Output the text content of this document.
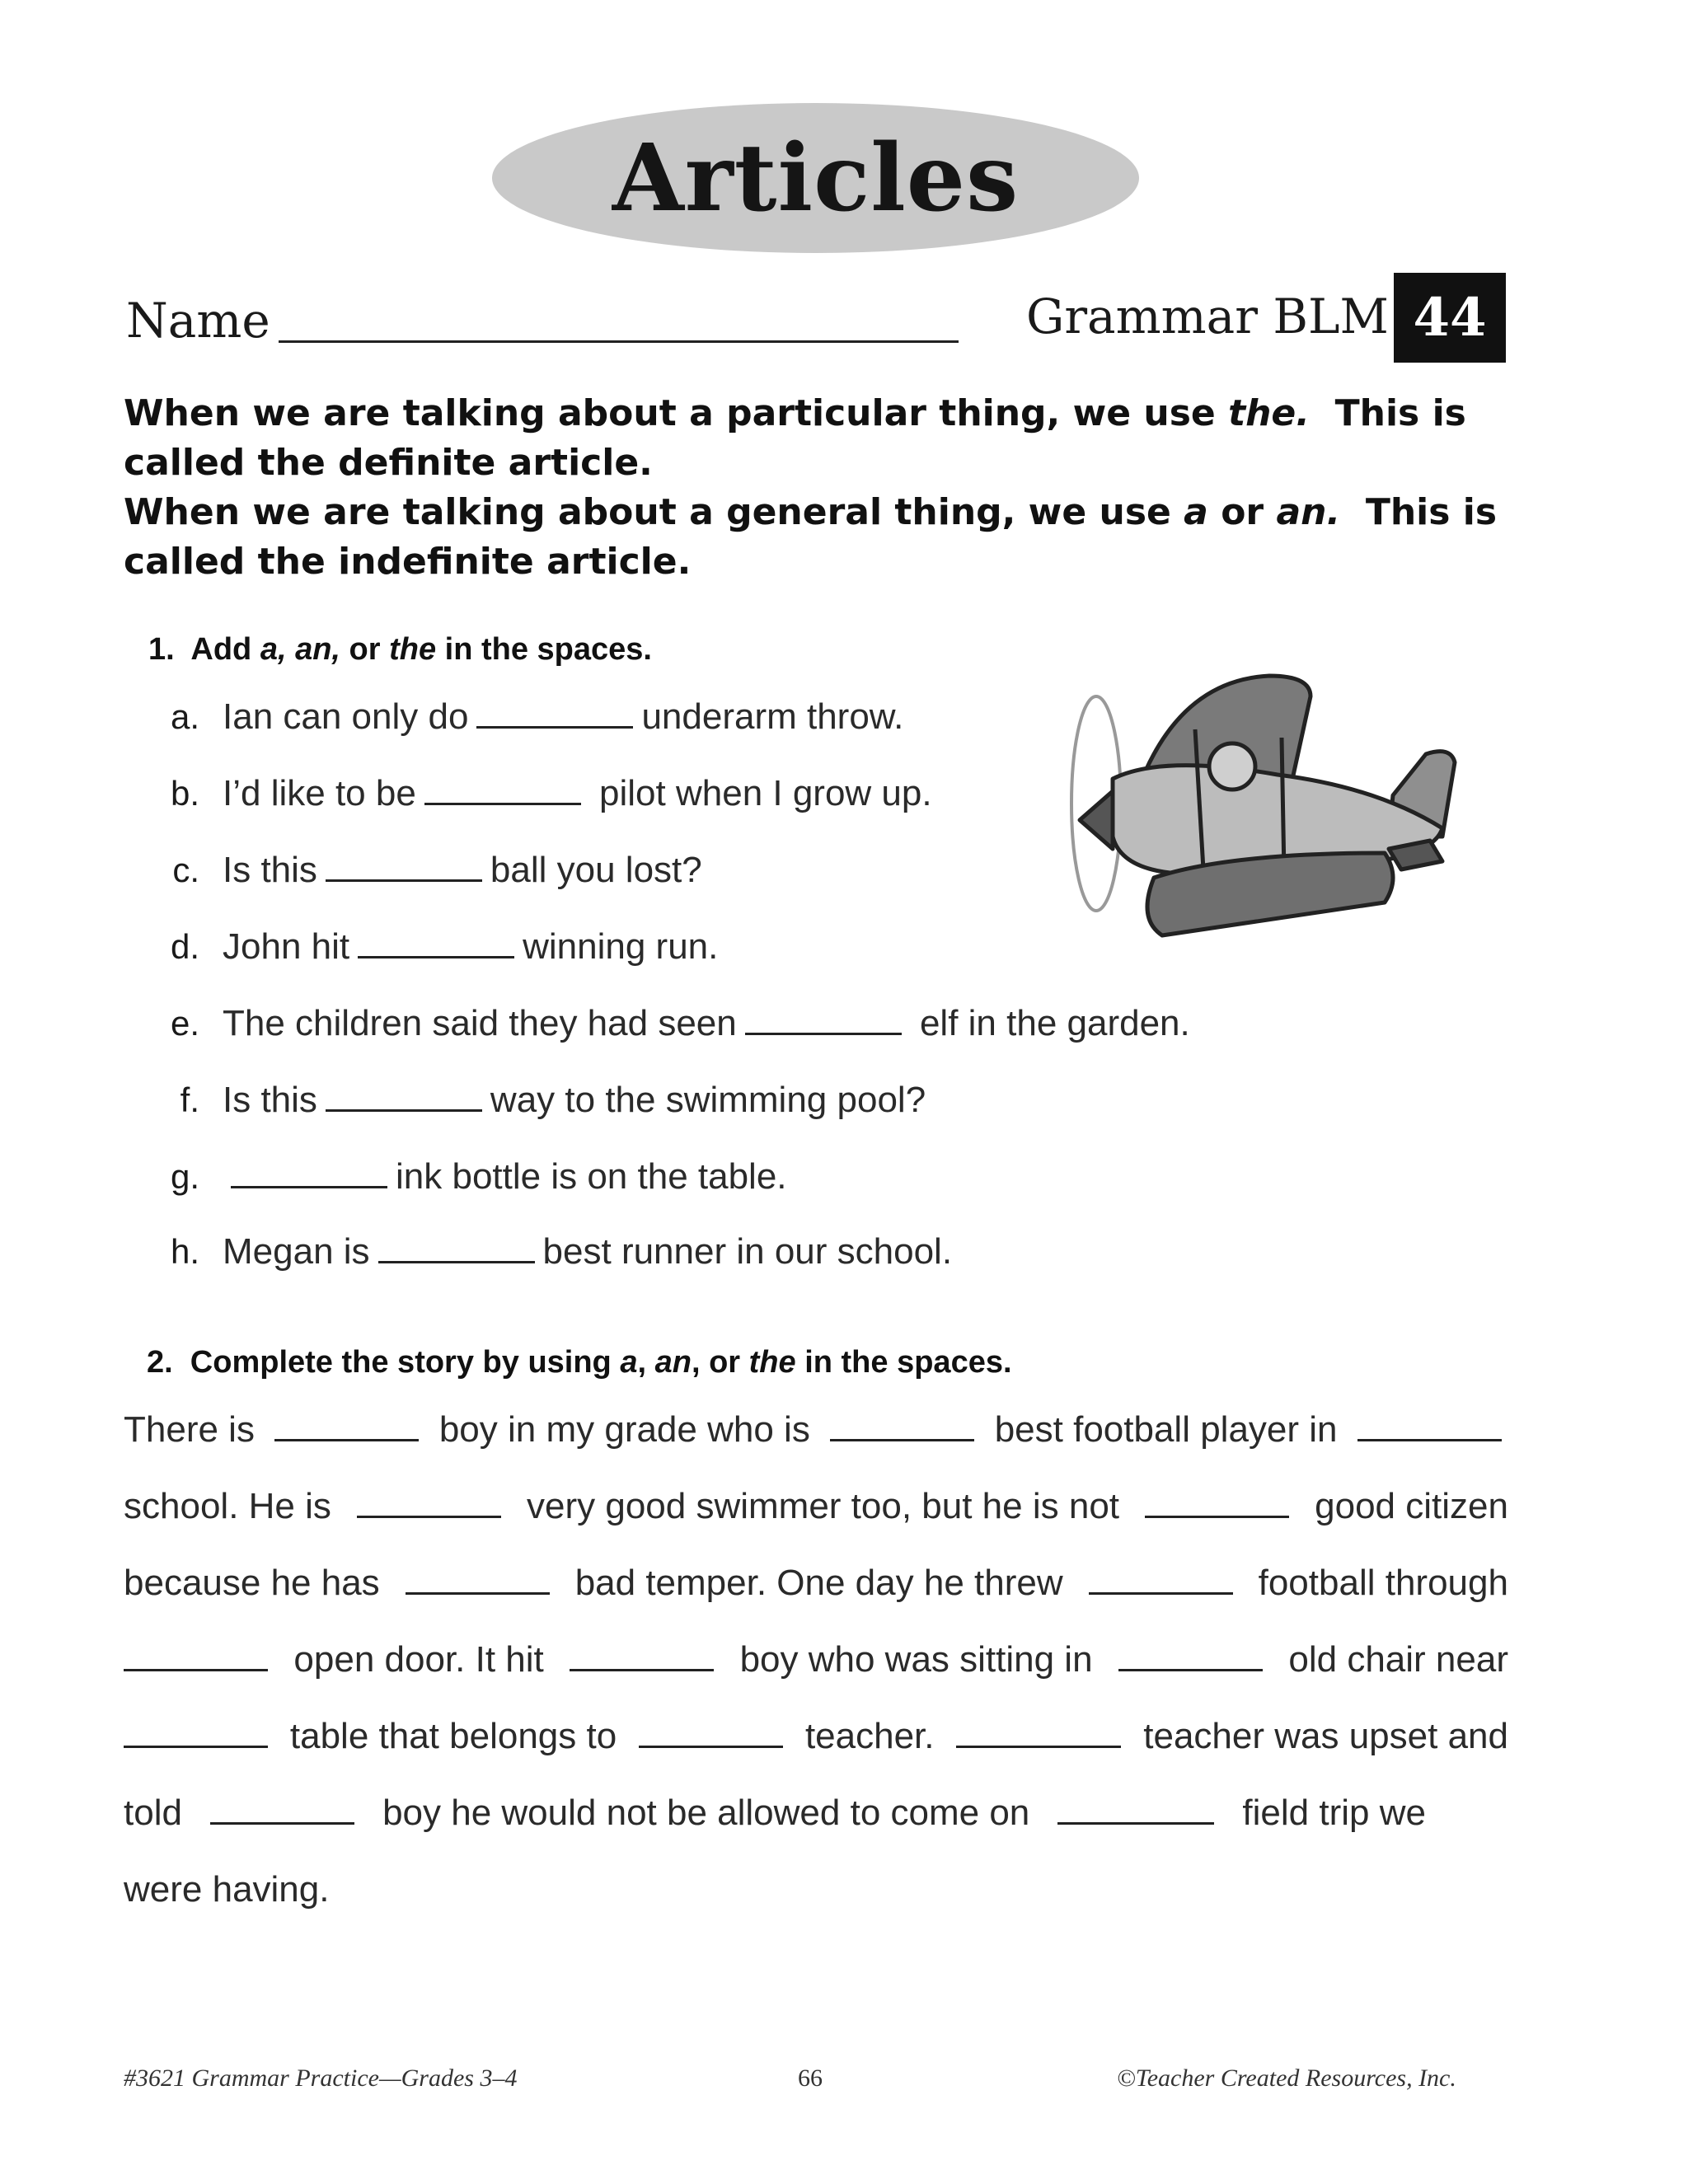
Articles
Name	Grammar BLM 44

When we are talking about a particular thing, we use the.  This is called the definite article.

When we are talking about a general thing, we use a or an.  This is called the indefinite article.

1.  Add a, an, or the in the spaces.
a. Ian can only do	underarm throw.
b. I’d like to be	pilot when I grow up.
c. Is this	ball you lost?
d. John hit	winning run.
e. The children said they had seen	elf in the garden.
f. Is this	way to the swimming pool?
g.	ink bottle is on the table.
h. Megan is	best runner in our school.
2.  Complete the story by using a, an, or the in the spaces.
There is	boy in my grade who is	best football player in
school. He is	very good swimmer too, but he is not	good citizen
because he has	bad temper. One day he threw	football through
open door. It hit	boy who was sitting in	old chair near
table that belongs to	teacher.	teacher was upset and
told	boy he would not be allowed to come on	field trip we
were having.
#3621 Grammar Practice—Grades 3–4	66	©Teacher Created Resources, Inc.
